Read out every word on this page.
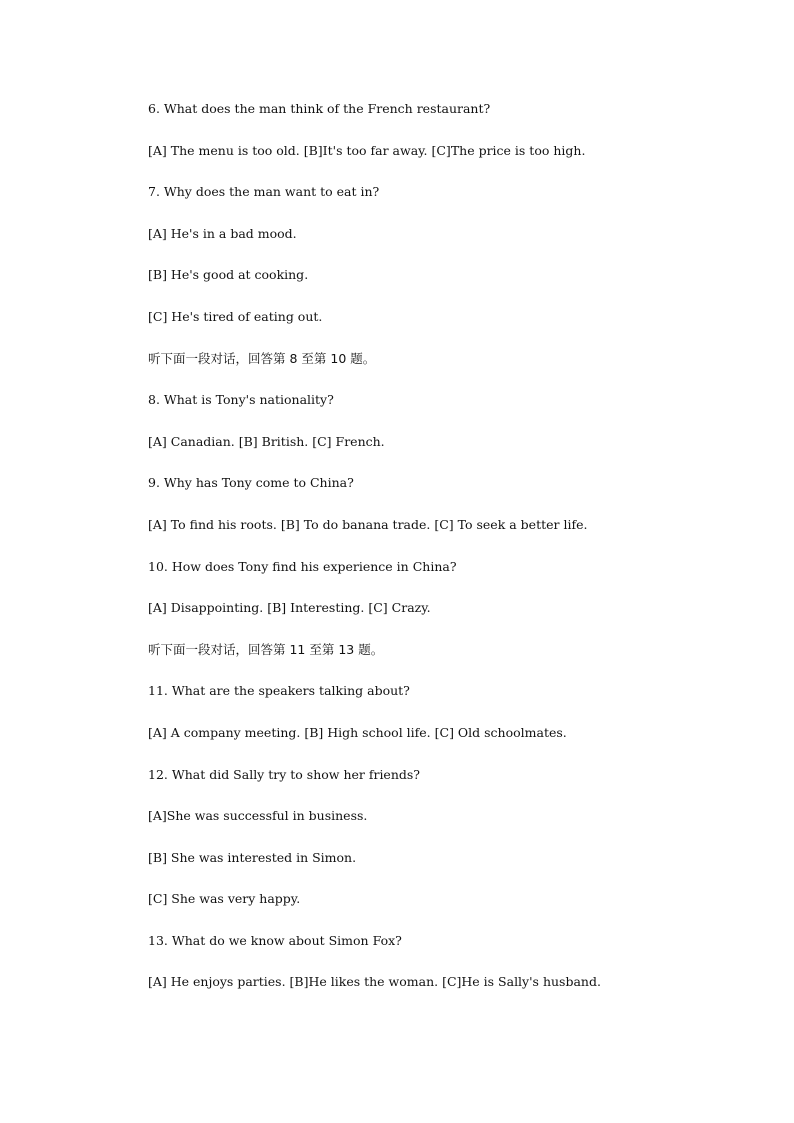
6. What does the man think of the French restaurant?
[A] The menu is too old. [B]It's too far away. [C]The price is too high.
7. Why does the man want to eat in?
[A] He's in a bad mood.
[B] He's good at cooking.
[C] He's tired of eating out.
听下面一段对话，回答第 8 至第 10 题。
8. What is Tony's nationality?
[A] Canadian. [B] British. [C] French.
9. Why has Tony come to China?
[A] To find his roots. [B] To do banana trade. [C] To seek a better life.
10. How does Tony find his experience in China?
[A] Disappointing. [B] Interesting. [C] Crazy.
听下面一段对话，回答第 11 至第 13 题。
11. What are the speakers talking about?
[A] A company meeting. [B] High school life. [C] Old schoolmates.
12. What did Sally try to show her friends?
[A]She was successful in business.
[B] She was interested in Simon.
[C] She was very happy.
13. What do we know about Simon Fox?
[A] He enjoys parties. [B]He likes the woman. [C]He is Sally's husband.
